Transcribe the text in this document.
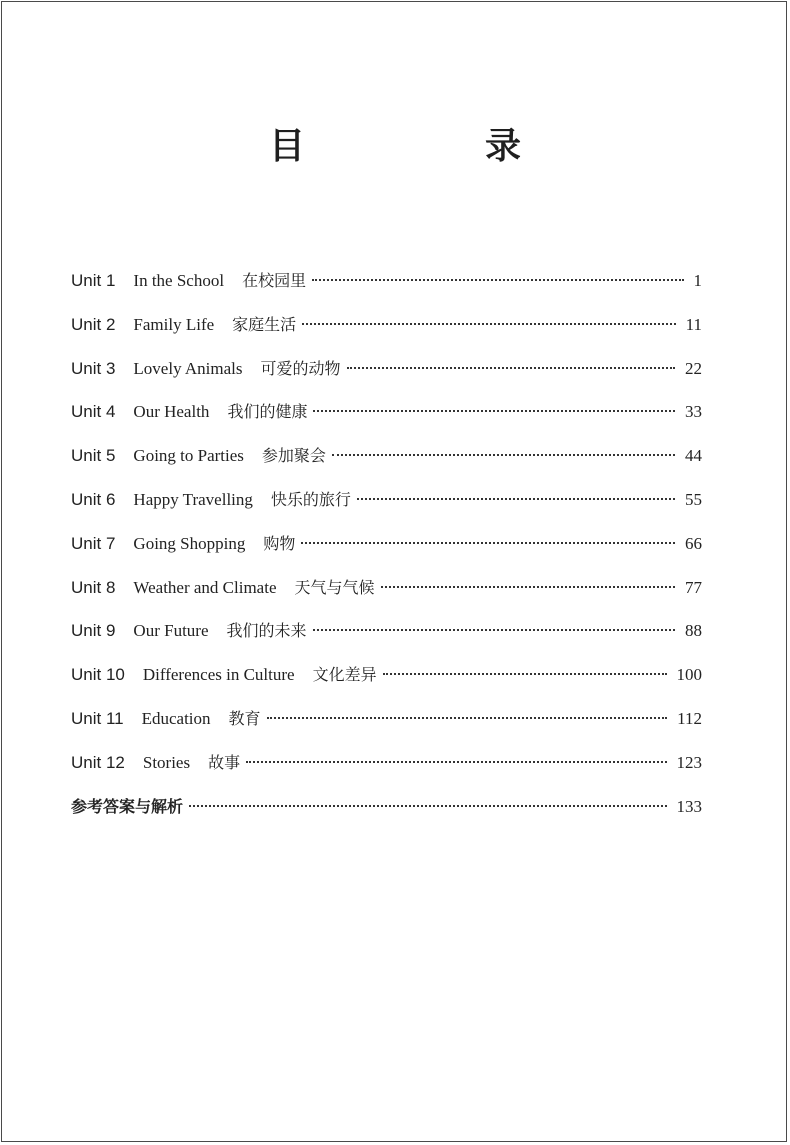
目　录
Unit 1 In the School 在校园里	1
Unit 2 Family Life 家庭生活	11
Unit 3 Lovely Animals 可爱的动物	22
Unit 4 Our Health 我们的健康	33
Unit 5 Going to Parties 参加聚会	44
Unit 6 Happy Travelling 快乐的旅行	55
Unit 7 Going Shopping 购物	66
Unit 8 Weather and Climate 天气与气候	77
Unit 9 Our Future 我们的未来	88
Unit 10 Differences in Culture 文化差异	100
Unit 11 Education 教育	112
Unit 12 Stories 故事	123
参考答案与解析	133
